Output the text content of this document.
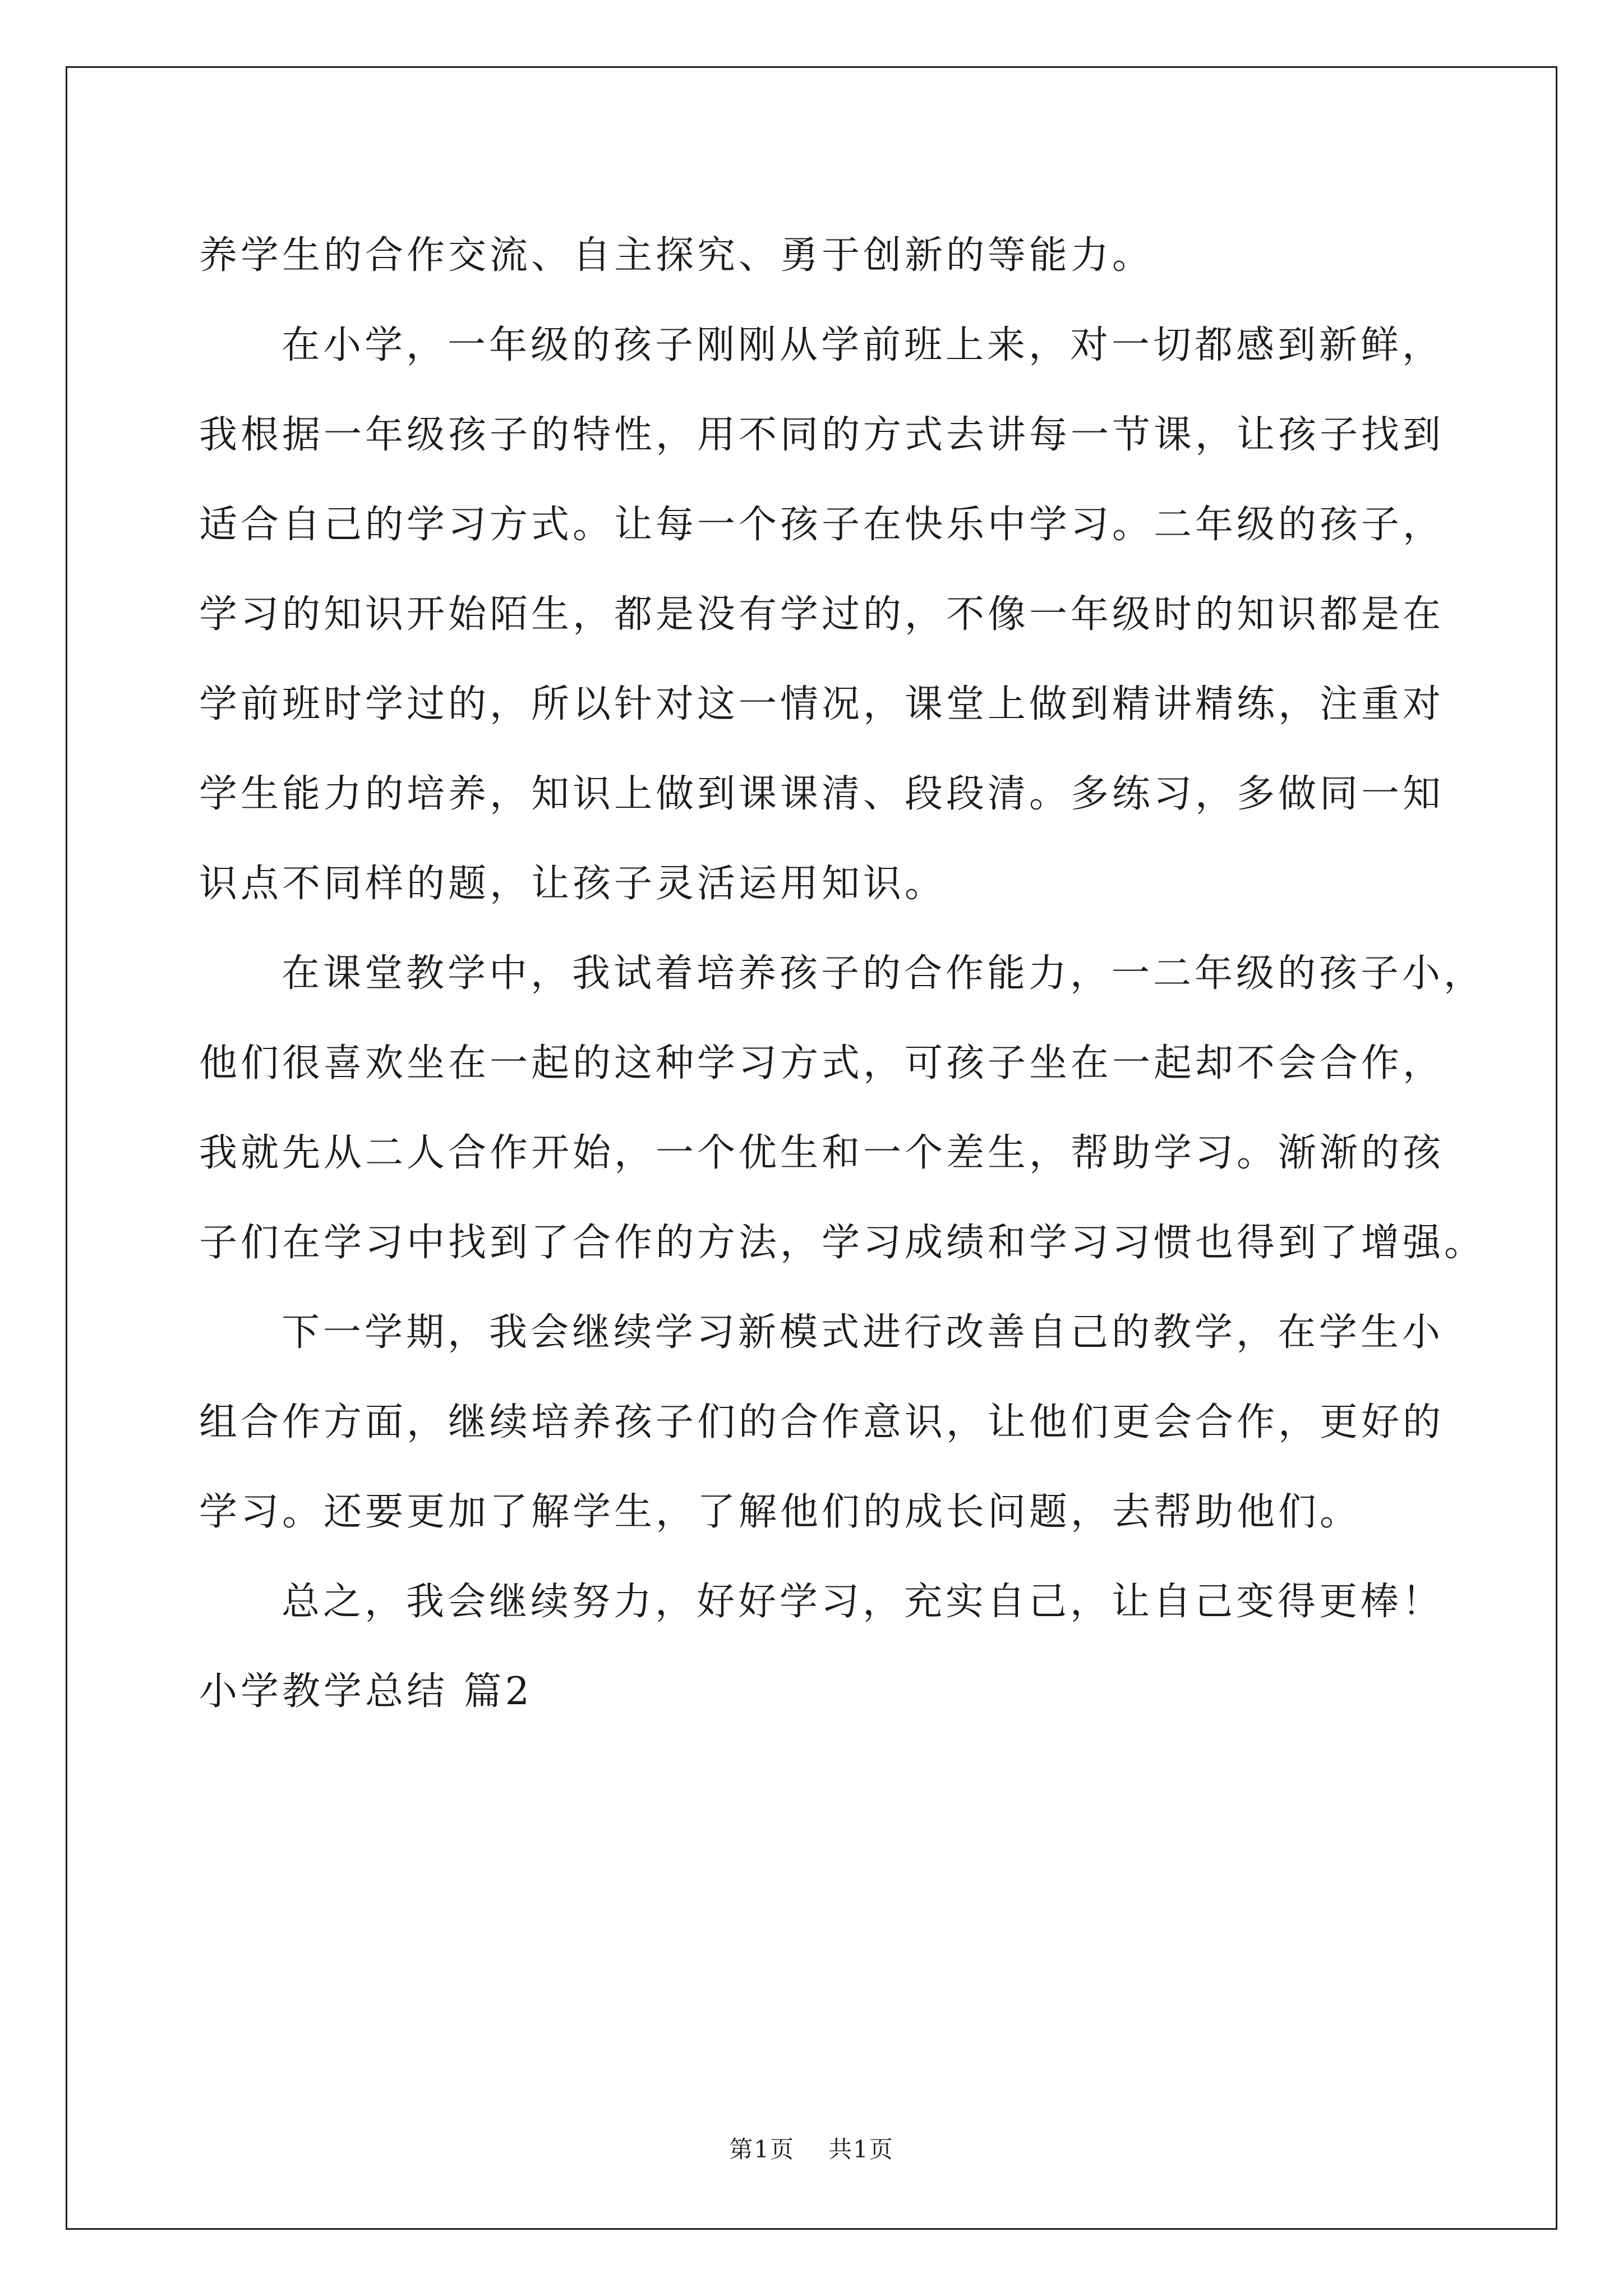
养学生的合作交流、自主探究、勇于创新的等能力。
在小学，一年级的孩子刚刚从学前班上来，对一切都感到新鲜，
我根据一年级孩子的特性，用不同的方式去讲每一节课，让孩子找到
适合自己的学习方式。让每一个孩子在快乐中学习。二年级的孩子，
学习的知识开始陌生，都是没有学过的，不像一年级时的知识都是在
学前班时学过的，所以针对这一情况，课堂上做到精讲精练，注重对
学生能力的培养，知识上做到课课清、段段清。多练习，多做同一知
识点不同样的题，让孩子灵活运用知识。
在课堂教学中，我试着培养孩子的合作能力，一二年级的孩子小，
他们很喜欢坐在一起的这种学习方式，可孩子坐在一起却不会合作，
我就先从二人合作开始，一个优生和一个差生，帮助学习。渐渐的孩
子们在学习中找到了合作的方法，学习成绩和学习习惯也得到了增强。
下一学期，我会继续学习新模式进行改善自己的教学，在学生小
组合作方面，继续培养孩子们的合作意识，让他们更会合作，更好的
学习。还要更加了解学生，了解他们的成长问题，去帮助他们。
总之，我会继续努力，好好学习，充实自己，让自己变得更棒！
小学教学总结 篇2
第1页 共1页
